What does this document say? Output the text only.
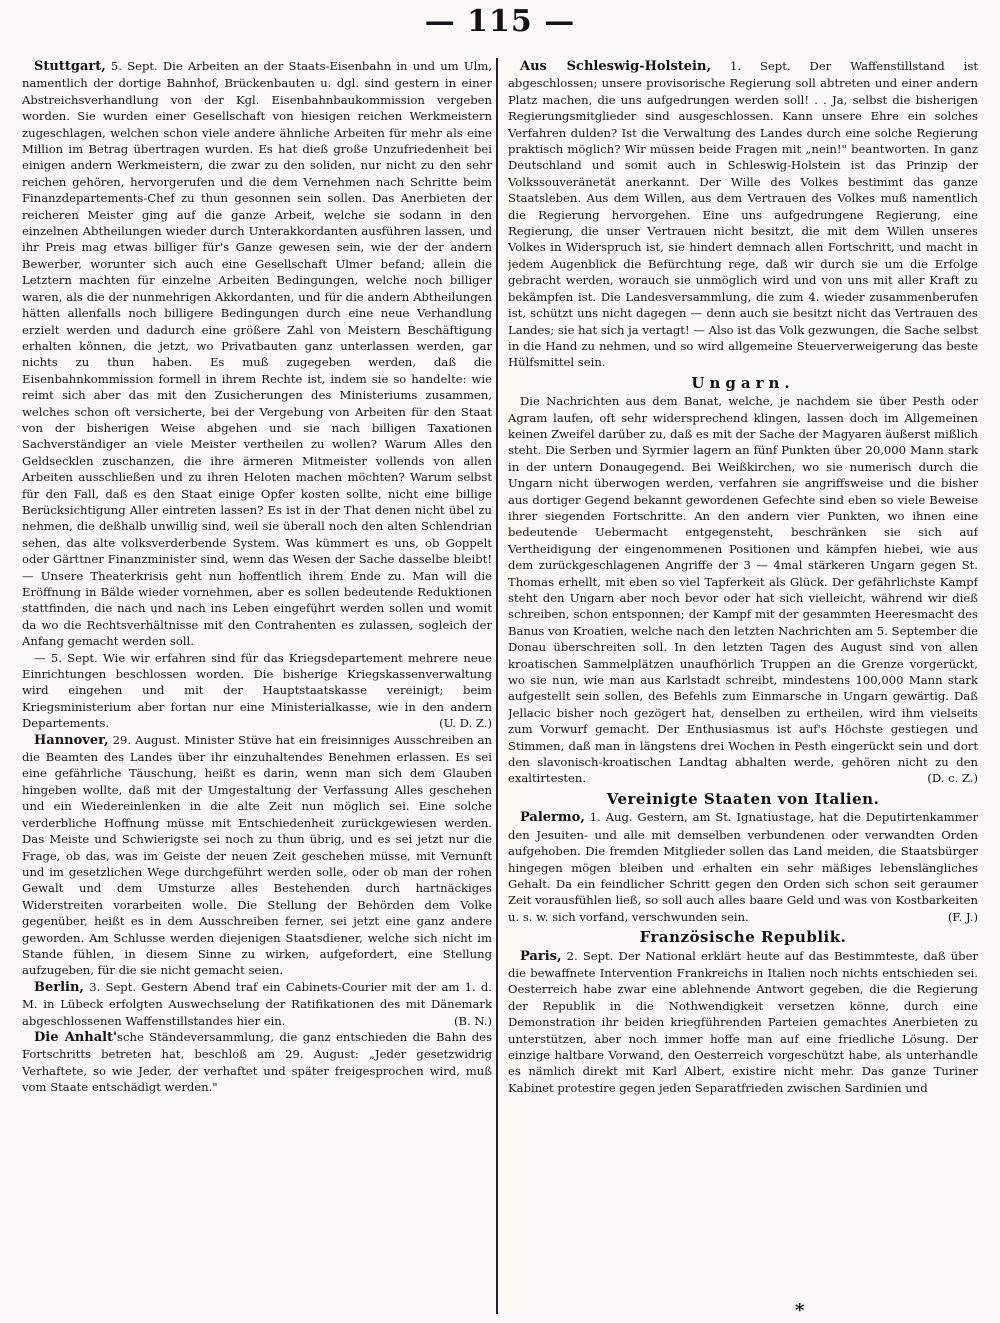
— 115 —

Stuttgart, 5. Sept. Die Arbeiten an der Staats-Eisenbahn in und um Ulm, namentlich der dortige Bahnhof, Brückenbauten u. dgl. sind gestern in einer Abstreichsverhandlung von der Kgl. Eisenbahnbaukommission vergeben worden. Sie wurden einer Gesellschaft von hiesigen reichen Werkmeistern zugeschlagen, welchen schon viele andere ähnliche Arbeiten für mehr als eine Million im Betrag übertragen wurden. Es hat dieß große Unzufriedenheit bei einigen andern Werkmeistern, die zwar zu den soliden, nur nicht zu den sehr reichen gehören, hervorgerufen und die dem Vernehmen nach Schritte beim Finanzdepartements-Chef zu thun gesonnen sein sollen. Das Anerbieten der reicheren Meister ging auf die ganze Arbeit, welche sie sodann in den einzelnen Abtheilungen wieder durch Unterakkordanten ausführen lassen, und ihr Preis mag etwas billiger für's Ganze gewesen sein, wie der der andern Bewerber, worunter sich auch eine Gesellschaft Ulmer befand; allein die Letztern machten für einzelne Arbeiten Bedingungen, welche noch billiger waren, als die der nunmehrigen Akkordanten, und für die andern Abtheilungen hätten allenfalls noch billigere Bedingungen durch eine neue Verhandlung erzielt werden und dadurch eine größere Zahl von Meistern Beschäftigung erhalten können, die jetzt, wo Privatbauten ganz unterlassen werden, gar nichts zu thun haben. Es muß zugegeben werden, daß die Eisenbahnkommission formell in ihrem Rechte ist, indem sie so handelte: wie reimt sich aber das mit den Zusicherungen des Ministeriums zusammen, welches schon oft versicherte, bei der Vergebung von Arbeiten für den Staat von der bisherigen Weise abgehen und sie nach billigen Taxationen Sachverständiger an viele Meister vertheilen zu wollen? Warum Alles den Geldsecklen zuschanzen, die ihre ärmeren Mitmeister vollends von allen Arbeiten ausschließen und zu ihren Heloten machen möchten? Warum selbst für den Fall, daß es den Staat einige Opfer kosten sollte, nicht eine billige Berücksichtigung Aller eintreten lassen? Es ist in der That denen nicht übel zu nehmen, die deßhalb unwillig sind, weil sie überall noch den alten Schlendrian sehen, das alte volksverderbende System. Was kümmert es uns, ob Goppelt oder Gärttner Finanzminister sind, wenn das Wesen der Sache dasselbe bleibt! — Unsere Theaterkrisis geht nun hoffentlich ihrem Ende zu. Man will die Eröffnung in Bälde wieder vornehmen, aber es sollen bedeutende Reduktionen stattfinden, die nach und nach ins Leben eingeführt werden sollen und womit da wo die Rechtsverhältnisse mit den Contrahenten es zulassen, sogleich der Anfang gemacht werden soll.

— 5. Sept. Wie wir erfahren sind für das Kriegsdepartement mehrere neue Einrichtungen beschlossen worden. Die bisherige Kriegskassenverwaltung wird eingehen und mit der Hauptstaatskasse vereinigt; beim Kriegsministerium aber fortan nur eine Ministerialkasse, wie in den andern Departements.	(U. D. Z.)

Hannover, 29. August. Minister Stüve hat ein freisinniges Ausschreiben an die Beamten des Landes über ihr einzuhaltendes Benehmen erlassen. Es sei eine gefährliche Täuschung, heißt es darin, wenn man sich dem Glauben hingeben wollte, daß mit der Umgestaltung der Verfassung Alles geschehen und ein Wiedereinlenken in die alte Zeit nun möglich sei. Eine solche verderbliche Hoffnung müsse mit Entschiedenheit zurückgewiesen werden. Das Meiste und Schwierigste sei noch zu thun übrig, und es sei jetzt nur die Frage, ob das, was im Geiste der neuen Zeit geschehen müsse, mit Vernunft und im gesetzlichen Wege durchgeführt werden solle, oder ob man der rohen Gewalt und dem Umsturze alles Bestehenden durch hartnäckiges Widerstreiten vorarbeiten wolle. Die Stellung der Behörden dem Volke gegenüber, heißt es in dem Ausschreiben ferner, sei jetzt eine ganz andere geworden. Am Schlusse werden diejenigen Staatsdiener, welche sich nicht im Stande fühlen, in diesem Sinne zu wirken, aufgefordert, eine Stellung aufzugeben, für die sie nicht gemacht seien.

Berlin, 3. Sept. Gestern Abend traf ein Cabinets-Courier mit der am 1. d. M. in Lübeck erfolgten Auswechselung der Ratifikationen des mit Dänemark abgeschlossenen Waffenstillstandes hier ein.	(B. N.)

Die Anhalt'sche Ständeversammlung, die ganz entschieden die Bahn des Fortschritts betreten hat, beschloß am 29. August: „Jeder gesetzwidrig Verhaftete, so wie Jeder, der verhaftet und später freigesprochen wird, muß vom Staate entschädigt werden."

Aus Schleswig-Holstein, 1. Sept. Der Waffenstillstand ist abgeschlossen; unsere provisorische Regierung soll abtreten und einer andern Platz machen, die uns aufgedrungen werden soll! . . Ja, selbst die bisherigen Regierungsmitglieder sind ausgeschlossen. Kann unsere Ehre ein solches Verfahren dulden? Ist die Verwaltung des Landes durch eine solche Regierung praktisch möglich? Wir müssen beide Fragen mit „nein!" beantworten. In ganz Deutschland und somit auch in Schleswig-Holstein ist das Prinzip der Volkssouveränetät anerkannt. Der Wille des Volkes bestimmt das ganze Staatsleben. Aus dem Willen, aus dem Vertrauen des Volkes muß namentlich die Regierung hervorgehen. Eine uns aufgedrungene Regierung, eine Regierung, die unser Vertrauen nicht besitzt, die mit dem Willen unseres Volkes in Widerspruch ist, sie hindert demnach allen Fortschritt, und macht in jedem Augenblick die Befürchtung rege, daß wir durch sie um die Erfolge gebracht werden, worauch sie unmöglich wird und von uns mit aller Kraft zu bekämpfen ist. Die Landesversammlung, die zum 4. wieder zusammenberufen ist, schützt uns nicht dagegen — denn auch sie besitzt nicht das Vertrauen des Landes; sie hat sich ja vertagt! — Also ist das Volk gezwungen, die Sache selbst in die Hand zu nehmen, und so wird allgemeine Steuerverweigerung das beste Hülfsmittel sein.

Ungarn.

Die Nachrichten aus dem Banat, welche, je nachdem sie über Pesth oder Agram laufen, oft sehr widersprechend klingen, lassen doch im Allgemeinen keinen Zweifel darüber zu, daß es mit der Sache der Magyaren äußerst mißlich steht. Die Serben und Syrmier lagern an fünf Punkten über 20,000 Mann stark in der untern Donaugegend. Bei Weißkirchen, wo sie numerisch durch die Ungarn nicht überwogen werden, verfahren sie angriffsweise und die bisher aus dortiger Gegend bekannt gewordenen Gefechte sind eben so viele Beweise ihrer siegenden Fortschritte. An den andern vier Punkten, wo ihnen eine bedeutende Uebermacht entgegensteht, beschränken sie sich auf Vertheidigung der eingenommenen Positionen und kämpfen hiebei, wie aus dem zurückgeschlagenen Angriffe der 3 — 4mal stärkeren Ungarn gegen St. Thomas erhellt, mit eben so viel Tapferkeit als Glück. Der gefährlichste Kampf steht den Ungarn aber noch bevor oder hat sich vielleicht, während wir dieß schreiben, schon entsponnen; der Kampf mit der gesammten Heeresmacht des Banus von Kroatien, welche nach den letzten Nachrichten am 5. September die Donau überschreiten soll. In den letzten Tagen des August sind von allen kroatischen Sammelplätzen unaufhörlich Truppen an die Grenze vorgerückt, wo sie nun, wie man aus Karlstadt schreibt, mindestens 100,000 Mann stark aufgestellt sein sollen, des Befehls zum Einmarsche in Ungarn gewärtig. Daß Jellacic bisher noch gezögert hat, denselben zu ertheilen, wird ihm vielseits zum Vorwurf gemacht. Der Enthusiasmus ist auf's Höchste gestiegen und Stimmen, daß man in längstens drei Wochen in Pesth eingerückt sein und dort den slavonisch-kroatischen Landtag abhalten werde, gehören nicht zu den exaltirtesten.	(D. c. Z.)

Vereinigte Staaten von Italien.

Palermo, 1. Aug. Gestern, am St. Ignatiustage, hat die Deputirtenkammer den Jesuiten- und alle mit demselben verbundenen oder verwandten Orden aufgehoben. Die fremden Mitglieder sollen das Land meiden, die Staatsbürger hingegen mögen bleiben und erhalten ein sehr mäßiges lebenslängliches Gehalt. Da ein feindlicher Schritt gegen den Orden sich schon seit geraumer Zeit vorausfühlen ließ, so soll auch alles baare Geld und was von Kostbarkeiten u. s. w. sich vorfand, verschwunden sein.	(F. J.)

Französische Republik.

Paris, 2. Sept. Der National erklärt heute auf das Bestimmteste, daß über die bewaffnete Intervention Frankreichs in Italien noch nichts entschieden sei. Oesterreich habe zwar eine ablehnende Antwort gegeben, die die Regierung der Republik in die Nothwendigkeit versetzen könne, durch eine Demonstration ihr beiden kriegführenden Parteien gemachtes Anerbieten zu unterstützen, aber noch immer hoffe man auf eine friedliche Lösung. Der einzige haltbare Vorwand, den Oesterreich vorgeschützt habe, als unterhandle es nämlich direkt mit Karl Albert, existire nicht mehr. Das ganze Turiner Kabinet protestire gegen jeden Separatfrieden zwischen Sardinien und

*
